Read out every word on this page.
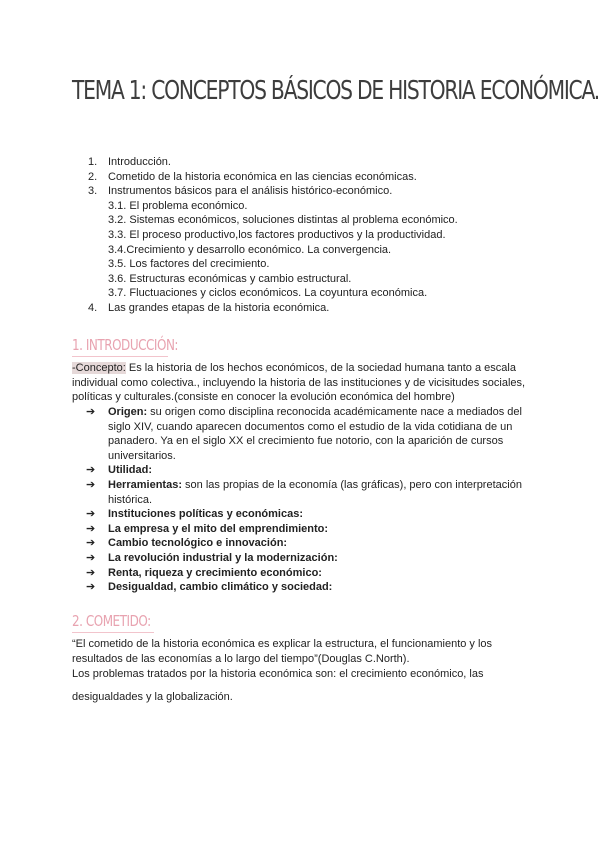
TEMA 1: CONCEPTOS BÁSICOS DE HISTORIA ECONÓMICA.
1. Introducción.
2. Cometido de la historia económica en las ciencias económicas.
3. Instrumentos básicos para el análisis histórico-económico.
3.1. El problema económico.
3.2. Sistemas económicos, soluciones distintas al problema económico.
3.3. El proceso productivo,los factores productivos y la productividad.
3.4.Crecimiento y desarrollo económico. La convergencia.
3.5. Los factores del crecimiento.
3.6. Estructuras económicas y cambio estructural.
3.7. Fluctuaciones y ciclos económicos. La coyuntura económica.
4. Las grandes etapas de la historia económica.
1. INTRODUCCIÓN:
-Concepto: Es la historia de los hechos económicos, de la sociedad humana tanto a escala individual como colectiva., incluyendo la historia de las instituciones y de vicisitudes sociales, políticas y culturales.(consiste en conocer la evolución económica del hombre)
➔	Origen: su origen como disciplina reconocida académicamente nace a mediados del siglo XIV, cuando aparecen documentos como el estudio de la vida cotidiana de un panadero. Ya en el siglo XX el crecimiento fue notorio, con la aparición de cursos universitarios.
➔	Utilidad:
➔	Herramientas: son las propias de la economía (las gráficas), pero con interpretación histórica.
➔	Instituciones políticas y económicas:
➔	La empresa y el mito del emprendimiento:
➔	Cambio tecnológico e innovación:
➔	La revolución industrial y la modernización:
➔	Renta, riqueza y crecimiento económico:
➔	Desigualdad, cambio climático y sociedad:
2. COMETIDO:
“El cometido de la historia económica es explicar la estructura, el funcionamiento y los resultados de las economías a lo largo del tiempo”(Douglas C.North).
Los problemas tratados por la historia económica son: el crecimiento económico, las
desigualdades y la globalización.
